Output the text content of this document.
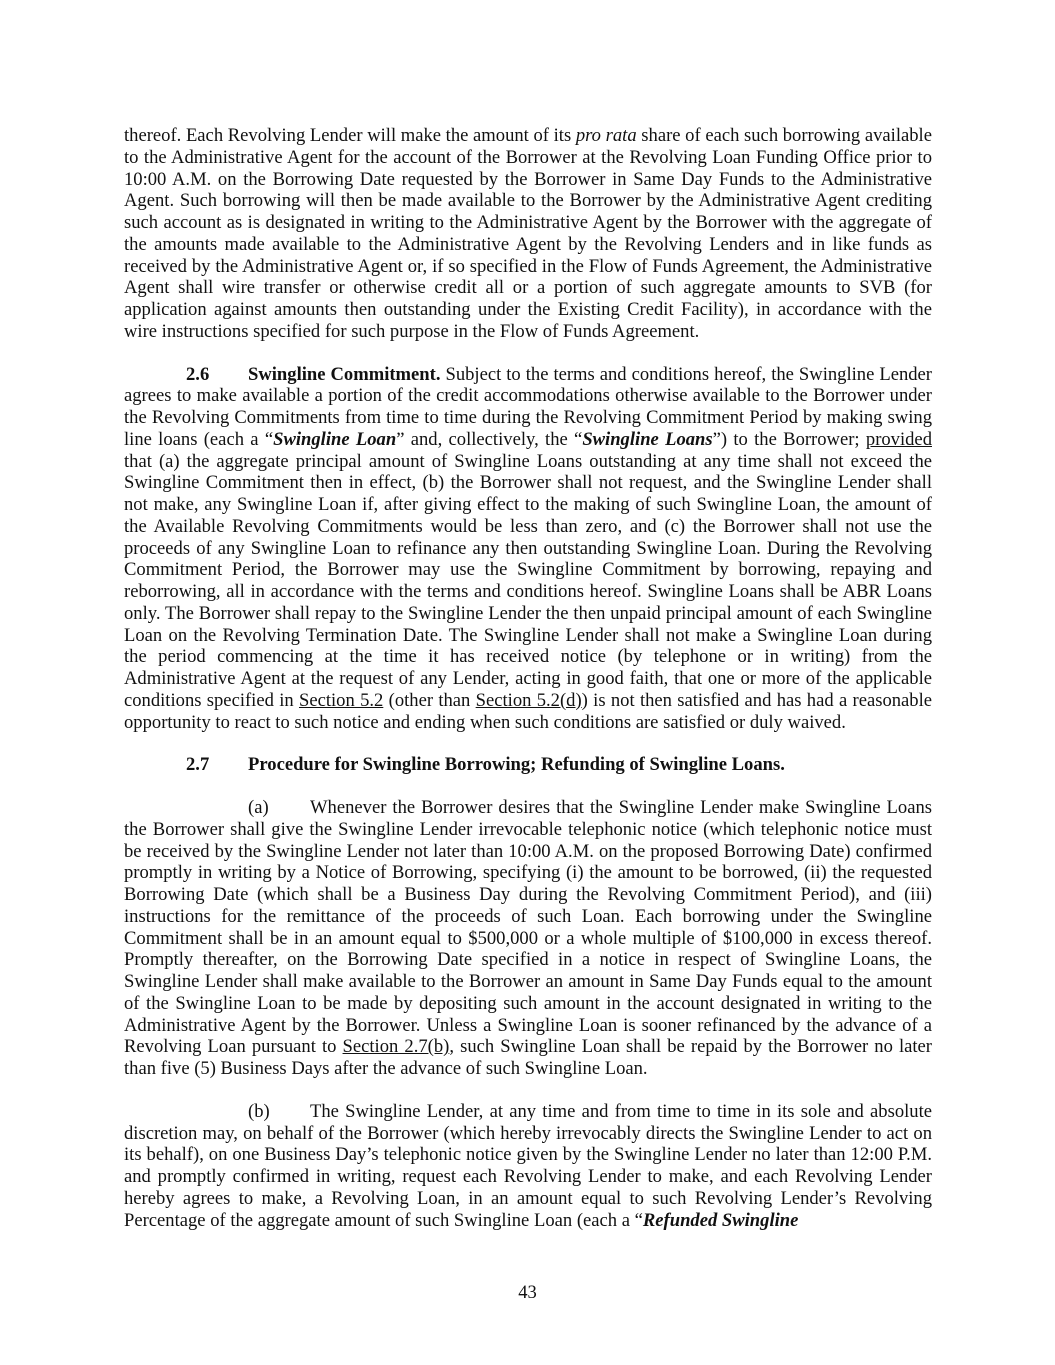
thereof. Each Revolving Lender will make the amount of its pro rata share of each such borrowing available to the Administrative Agent for the account of the Borrower at the Revolving Loan Funding Office prior to 10:00 A.M. on the Borrowing Date requested by the Borrower in Same Day Funds to the Administrative Agent. Such borrowing will then be made available to the Borrower by the Administrative Agent crediting such account as is designated in writing to the Administrative Agent by the Borrower with the aggregate of the amounts made available to the Administrative Agent by the Revolving Lenders and in like funds as received by the Administrative Agent or, if so specified in the Flow of Funds Agreement, the Administrative Agent shall wire transfer or otherwise credit all or a portion of such aggregate amounts to SVB (for application against amounts then outstanding under the Existing Credit Facility), in accordance with the wire instructions specified for such purpose in the Flow of Funds Agreement.

2.6 Swingline Commitment. Subject to the terms and conditions hereof, the Swingline Lender agrees to make available a portion of the credit accommodations otherwise available to the Borrower under the Revolving Commitments from time to time during the Revolving Commitment Period by making swing line loans (each a “Swingline Loan” and, collectively, the “Swingline Loans”) to the Borrower; provided that (a) the aggregate principal amount of Swingline Loans outstanding at any time shall not exceed the Swingline Commitment then in effect, (b) the Borrower shall not request, and the Swingline Lender shall not make, any Swingline Loan if, after giving effect to the making of such Swingline Loan, the amount of the Available Revolving Commitments would be less than zero, and (c) the Borrower shall not use the proceeds of any Swingline Loan to refinance any then outstanding Swingline Loan. During the Revolving Commitment Period, the Borrower may use the Swingline Commitment by borrowing, repaying and reborrowing, all in accordance with the terms and conditions hereof. Swingline Loans shall be ABR Loans only. The Borrower shall repay to the Swingline Lender the then unpaid principal amount of each Swingline Loan on the Revolving Termination Date. The Swingline Lender shall not make a Swingline Loan during the period commencing at the time it has received notice (by telephone or in writing) from the Administrative Agent at the request of any Lender, acting in good faith, that one or more of the applicable conditions specified in Section 5.2 (other than Section 5.2(d)) is not then satisfied and has had a reasonable opportunity to react to such notice and ending when such conditions are satisfied or duly waived.

2.7 Procedure for Swingline Borrowing; Refunding of Swingline Loans.

(a) Whenever the Borrower desires that the Swingline Lender make Swingline Loans the Borrower shall give the Swingline Lender irrevocable telephonic notice (which telephonic notice must be received by the Swingline Lender not later than 10:00 A.M. on the proposed Borrowing Date) confirmed promptly in writing by a Notice of Borrowing, specifying (i) the amount to be borrowed, (ii) the requested Borrowing Date (which shall be a Business Day during the Revolving Commitment Period), and (iii) instructions for the remittance of the proceeds of such Loan. Each borrowing under the Swingline Commitment shall be in an amount equal to $500,000 or a whole multiple of $100,000 in excess thereof. Promptly thereafter, on the Borrowing Date specified in a notice in respect of Swingline Loans, the Swingline Lender shall make available to the Borrower an amount in Same Day Funds equal to the amount of the Swingline Loan to be made by depositing such amount in the account designated in writing to the Administrative Agent by the Borrower. Unless a Swingline Loan is sooner refinanced by the advance of a Revolving Loan pursuant to Section 2.7(b), such Swingline Loan shall be repaid by the Borrower no later than five (5) Business Days after the advance of such Swingline Loan.

(b) The Swingline Lender, at any time and from time to time in its sole and absolute discretion may, on behalf of the Borrower (which hereby irrevocably directs the Swingline Lender to act on its behalf), on one Business Day’s telephonic notice given by the Swingline Lender no later than 12:00 P.M. and promptly confirmed in writing, request each Revolving Lender to make, and each Revolving Lender hereby agrees to make, a Revolving Loan, in an amount equal to such Revolving Lender’s Revolving Percentage of the aggregate amount of such Swingline Loan (each a “Refunded Swingline

43
